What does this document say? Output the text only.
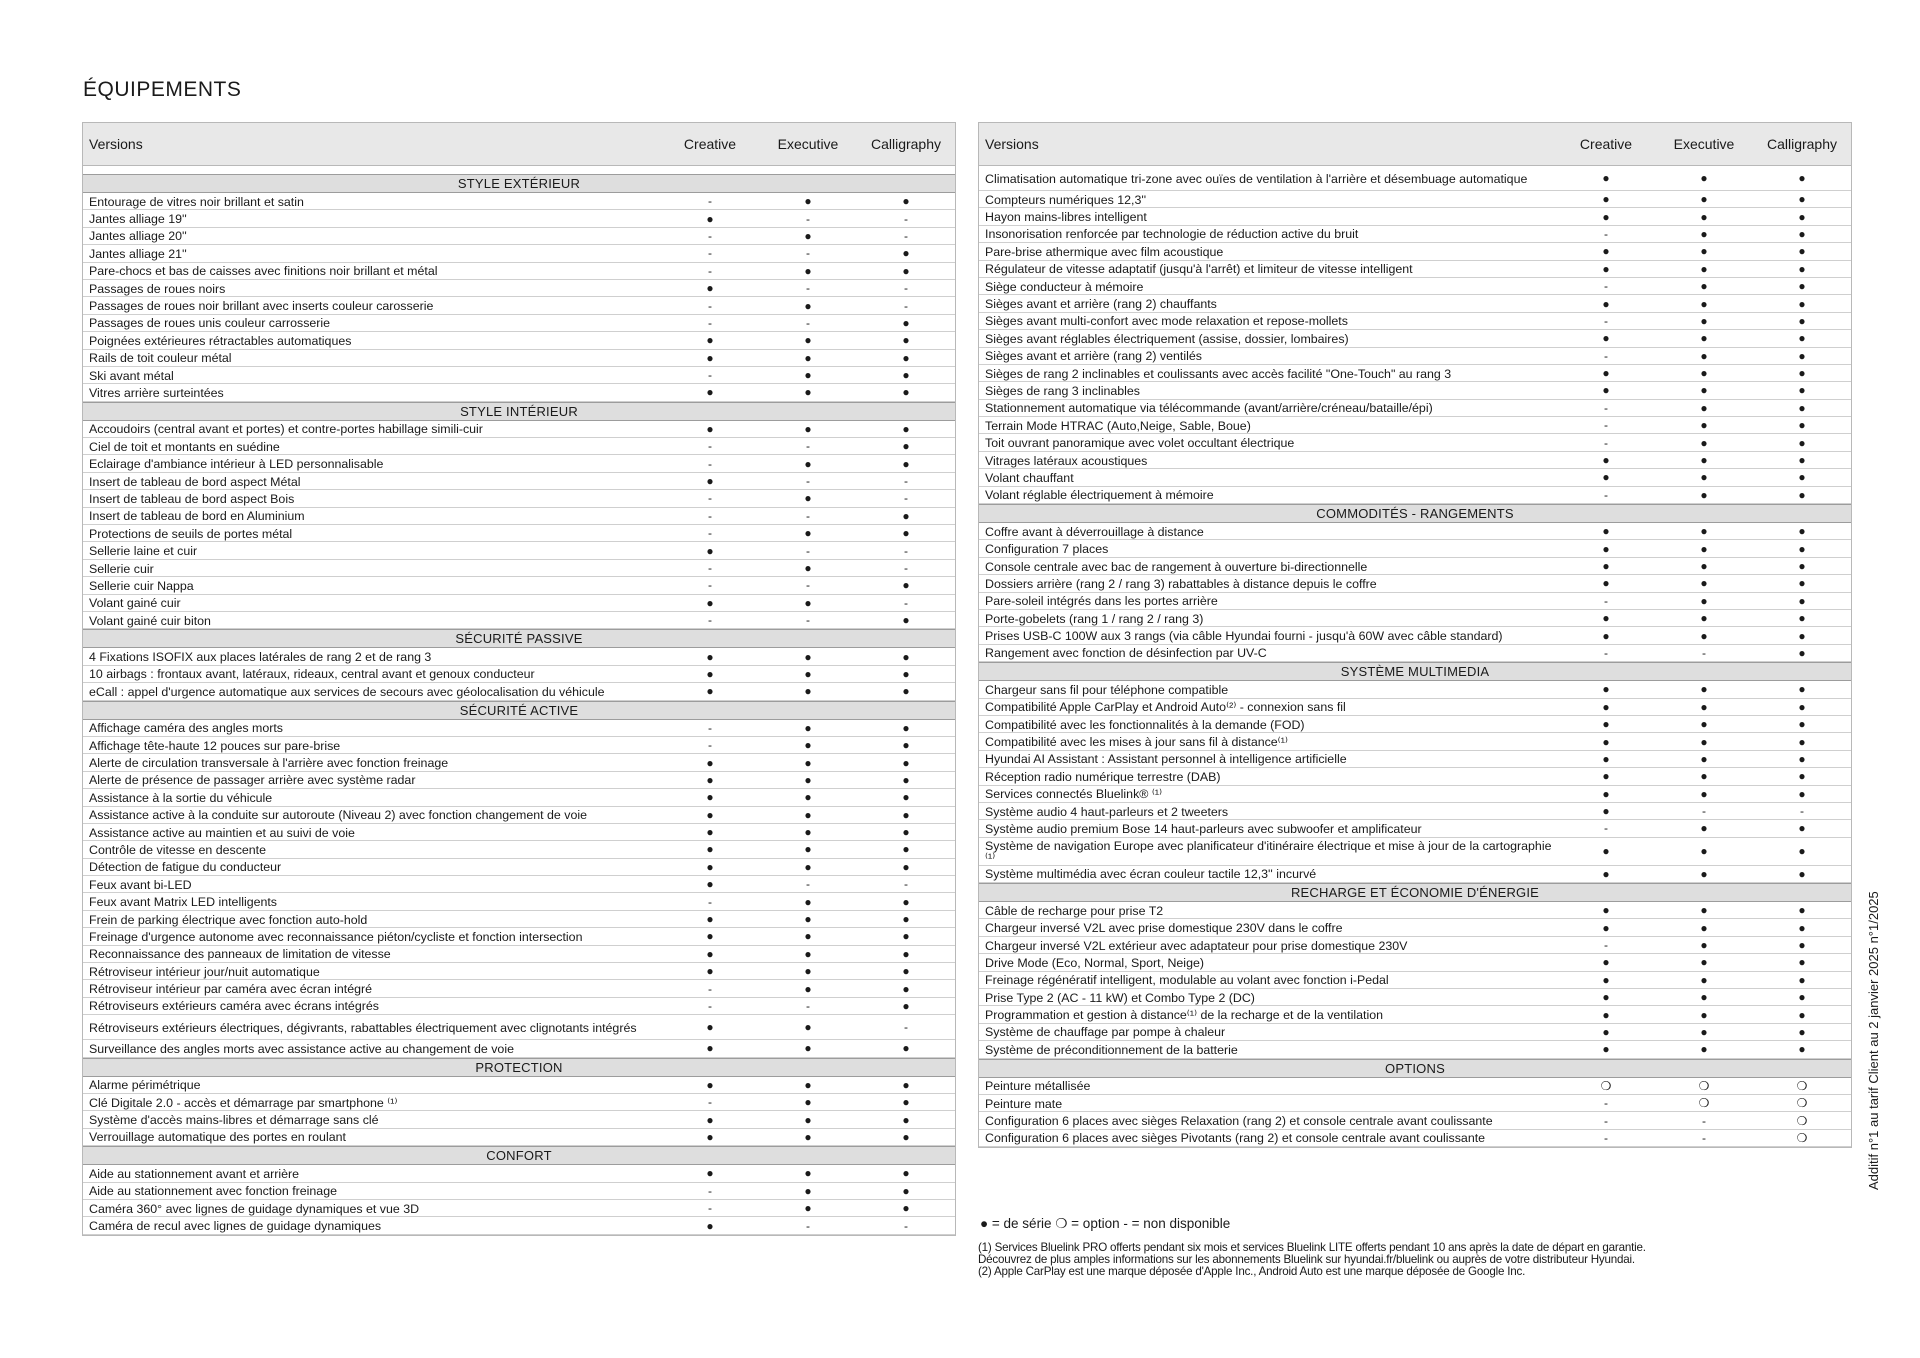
ÉQUIPEMENTS
Versions	Creative	Executive	Calligraphy
STYLE EXTÉRIEUR
Entourage de vitres noir brillant et satin	-	●	●
Jantes alliage 19''	●	-	-
Jantes alliage 20''	-	●	-
Jantes alliage 21''	-	-	●
Pare-chocs et bas de caisses avec finitions noir brillant et métal	-	●	●
Passages de roues noirs	●	-	-
Passages de roues noir brillant avec inserts couleur carosserie	-	●	-
Passages de roues unis couleur carrosserie	-	-	●
Poignées extérieures rétractables automatiques	●	●	●
Rails de toit couleur métal	●	●	●
Ski avant métal	-	●	●
Vitres arrière surteintées	●	●	●
STYLE INTÉRIEUR
Accoudoirs (central avant et portes) et contre-portes habillage simili-cuir	●	●	●
Ciel de toit et montants en suédine	-	-	●
Eclairage d'ambiance intérieur à LED personnalisable	-	●	●
Insert de tableau de bord aspect Métal	●	-	-
Insert de tableau de bord aspect Bois	-	●	-
Insert de tableau de bord en Aluminium	-	-	●
Protections de seuils de portes métal	-	●	●
Sellerie laine et cuir	●	-	-
Sellerie cuir	-	●	-
Sellerie cuir Nappa	-	-	●
Volant gainé cuir	●	●	-
Volant gainé cuir biton	-	-	●
SÉCURITÉ PASSIVE
4 Fixations ISOFIX aux places latérales de rang 2 et de rang 3	●	●	●
10 airbags : frontaux avant, latéraux, rideaux, central avant et genoux conducteur	●	●	●
eCall : appel d'urgence automatique aux services de secours avec géolocalisation du véhicule	●	●	●
SÉCURITÉ ACTIVE
Affichage caméra des angles morts	-	●	●
Affichage tête-haute 12 pouces sur pare-brise	-	●	●
Alerte de circulation transversale à l'arrière avec fonction freinage	●	●	●
Alerte de présence de passager arrière avec système radar	●	●	●
Assistance à la sortie du véhicule	●	●	●
Assistance active à la conduite sur autoroute (Niveau 2) avec fonction changement de voie	●	●	●
Assistance active au maintien et au suivi de voie	●	●	●
Contrôle de vitesse en descente	●	●	●
Détection de fatigue du conducteur	●	●	●
Feux avant bi-LED	●	-	-
Feux avant Matrix LED intelligents	-	●	●
Frein de parking électrique avec fonction auto-hold	●	●	●
Freinage d'urgence autonome avec reconnaissance piéton/cycliste et fonction intersection	●	●	●
Reconnaissance des panneaux de limitation de vitesse	●	●	●
Rétroviseur intérieur jour/nuit automatique	●	●	●
Rétroviseur intérieur par caméra avec écran intégré	-	●	●
Rétroviseurs extérieurs caméra avec écrans intégrés	-	-	●
Rétroviseurs extérieurs électriques, dégivrants, rabattables électriquement avec clignotants intégrés	●	●	-
Surveillance des angles morts avec assistance active au changement de voie	●	●	●
PROTECTION
Alarme périmétrique	●	●	●
Clé Digitale 2.0 - accès et démarrage par smartphone ⁽¹⁾	-	●	●
Système d'accès mains-libres et démarrage sans clé	●	●	●
Verrouillage automatique des portes en roulant	●	●	●
CONFORT
Aide au stationnement avant et arrière	●	●	●
Aide au stationnement avec fonction freinage	-	●	●
Caméra 360° avec lignes de guidage dynamiques et vue 3D	-	●	●
Caméra de recul avec lignes de guidage dynamiques	●	-	-
Versions	Creative	Executive	Calligraphy
Climatisation automatique tri-zone avec ouïes de ventilation à l'arrière et désembuage automatique	●	●	●
Compteurs numériques 12,3''	●	●	●
Hayon mains-libres intelligent	●	●	●
Insonorisation renforcée par technologie de réduction active du bruit	-	●	●
Pare-brise athermique avec film acoustique	●	●	●
Régulateur de vitesse adaptatif (jusqu'à l'arrêt) et limiteur de vitesse intelligent	●	●	●
Siège conducteur à mémoire	-	●	●
Sièges avant et arrière (rang 2) chauffants	●	●	●
Sièges avant multi-confort avec mode relaxation et repose-mollets	-	●	●
Sièges avant réglables électriquement (assise, dossier, lombaires)	●	●	●
Sièges avant et arrière (rang 2) ventilés	-	●	●
Sièges de rang 2 inclinables et coulissants avec accès facilité "One-Touch" au rang 3	●	●	●
Sièges de rang 3 inclinables	●	●	●
Stationnement automatique via télécommande (avant/arrière/créneau/bataille/épi)	-	●	●
Terrain Mode HTRAC (Auto,Neige, Sable, Boue)	-	●	●
Toit ouvrant panoramique avec volet occultant électrique	-	●	●
Vitrages latéraux acoustiques	●	●	●
Volant chauffant	●	●	●
Volant réglable électriquement à mémoire	-	●	●
COMMODITÉS - RANGEMENTS
Coffre avant à déverrouillage à distance	●	●	●
Configuration 7 places	●	●	●
Console centrale avec bac de rangement à ouverture bi-directionnelle	●	●	●
Dossiers arrière (rang 2 / rang 3) rabattables à distance depuis le coffre	●	●	●
Pare-soleil intégrés dans les portes arrière	-	●	●
Porte-gobelets (rang 1 / rang 2 / rang 3)	●	●	●
Prises USB-C 100W aux 3 rangs (via câble Hyundai fourni - jusqu'à 60W avec câble standard)	●	●	●
Rangement avec fonction de désinfection par UV-C	-	-	●
SYSTÈME MULTIMEDIA
Chargeur sans fil pour téléphone compatible	●	●	●
Compatibilité Apple CarPlay et Android Auto⁽²⁾ - connexion sans fil	●	●	●
Compatibilité avec les fonctionnalités à la demande (FOD)	●	●	●
Compatibilité avec les mises à jour sans fil à distance⁽¹⁾	●	●	●
Hyundai AI Assistant : Assistant personnel à intelligence artificielle	●	●	●
Réception radio numérique terrestre (DAB)	●	●	●
Services connectés Bluelink® ⁽¹⁾	●	●	●
Système audio 4 haut-parleurs et 2 tweeters	●	-	-
Système audio premium Bose 14 haut-parleurs avec subwoofer et amplificateur	-	●	●
Système de navigation Europe avec planificateur d'itinéraire électrique et mise à jour de la cartographie ⁽¹⁾	●	●	●
Système multimédia avec écran couleur tactile 12,3'' incurvé	●	●	●
RECHARGE ET ÉCONOMIE D'ÉNERGIE
Câble de recharge pour prise T2	●	●	●
Chargeur inversé V2L avec prise domestique 230V dans le coffre	●	●	●
Chargeur inversé V2L extérieur avec adaptateur pour prise domestique 230V	-	●	●
Drive Mode (Eco, Normal, Sport, Neige)	●	●	●
Freinage régénératif intelligent, modulable au volant avec fonction i-Pedal	●	●	●
Prise Type 2 (AC - 11 kW) et Combo Type 2 (DC)	●	●	●
Programmation et gestion à distance⁽¹⁾ de la recharge et de la ventilation	●	●	●
Système de chauffage par pompe à chaleur	●	●	●
Système de préconditionnement de la batterie	●	●	●
OPTIONS
Peinture métallisée	❍	❍	❍
Peinture mate	-	❍	❍
Configuration 6 places avec sièges Relaxation (rang 2) et console centrale avant coulissante	-	-	❍
Configuration 6 places avec sièges Pivotants (rang 2) et console centrale avant coulissante	-	-	❍
● = de série ❍ = option - = non disponible
(1) Services Bluelink PRO offerts pendant six mois et services Bluelink LITE offerts pendant 10 ans après la date de départ en garantie.
Découvrez de plus amples informations sur les abonnements Bluelink sur hyundai.fr/bluelink ou auprès de votre distributeur Hyundai.
(2) Apple CarPlay est une marque déposée d'Apple Inc., Android Auto est une marque déposée de Google Inc.
Additif n°1 au tarif Client au 2 janvier 2025 n°1/2025
